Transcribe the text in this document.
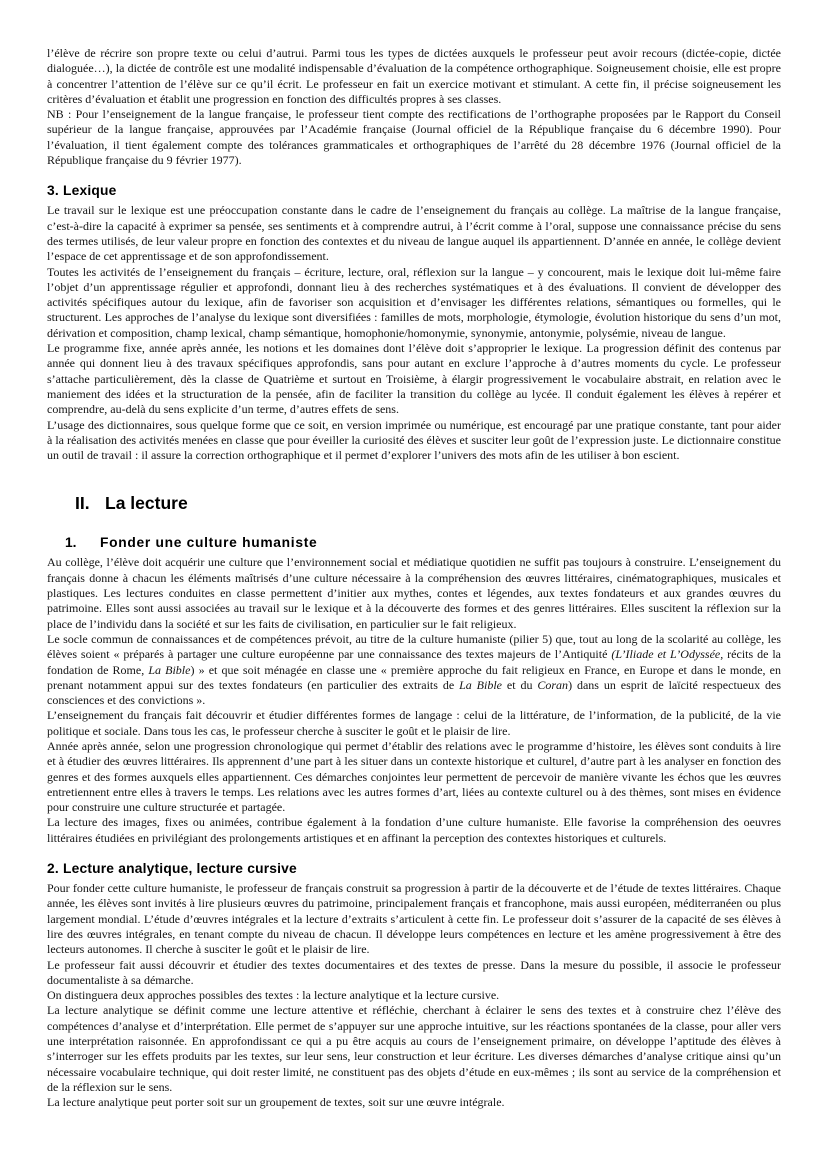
l’élève de récrire son propre texte ou celui d’autrui. Parmi tous les types de dictées auxquels le professeur peut avoir recours (dictée-copie, dictée dialoguée…), la dictée de contrôle est une modalité indispensable d’évaluation de la compétence orthographique. Soigneusement choisie, elle est propre à concentrer l’attention de l’élève sur ce qu’il écrit. Le professeur en fait un exercice motivant et stimulant. A cette fin, il précise soigneusement les critères d’évaluation et établit une progression en fonction des difficultés propres à ses classes.

NB : Pour l’enseignement de la langue française, le professeur tient compte des rectifications de l’orthographe proposées par le Rapport du Conseil supérieur de la langue française, approuvées par l’Académie française (Journal officiel de la République française du 6 décembre 1990). Pour l’évaluation, il tient également compte des tolérances grammaticales et orthographiques de l’arrêté du 28 décembre 1976 (Journal officiel de la République française du 9 février 1977).

3. Lexique

Le travail sur le lexique est une préoccupation constante dans le cadre de l’enseignement du français au collège. La maîtrise de la langue française, c’est-à-dire la capacité à exprimer sa pensée, ses sentiments et à comprendre autrui, à l’écrit comme à l’oral, suppose une connaissance précise du sens des termes utilisés, de leur valeur propre en fonction des contextes et du niveau de langue auquel ils appartiennent. D’année en année, le collège devient l’espace de cet apprentissage et de son approfondissement.

Toutes les activités de l’enseignement du français – écriture, lecture, oral, réflexion sur la langue – y concourent, mais le lexique doit lui-même faire l’objet d’un apprentissage régulier et approfondi, donnant lieu à des recherches systématiques et à des évaluations. Il convient de développer des activités spécifiques autour du lexique, afin de favoriser son acquisition et d’envisager les différentes relations, sémantiques ou formelles, qui le structurent. Les approches de l’analyse du lexique sont diversifiées : familles de mots, morphologie, étymologie, évolution historique du sens d’un mot, dérivation et composition, champ lexical, champ sémantique, homophonie/homonymie, synonymie, antonymie, polysémie, niveau de langue.

Le programme fixe, année après année, les notions et les domaines dont l’élève doit s’approprier le lexique. La progression définit des contenus par année qui donnent lieu à des travaux spécifiques approfondis, sans pour autant en exclure l’approche à d’autres moments du cycle. Le professeur s’attache particulièrement, dès la classe de Quatrième et surtout en Troisième, à élargir progressivement le vocabulaire abstrait, en relation avec le maniement des idées et la structuration de la pensée, afin de faciliter la transition du collège au lycée. Il conduit également les élèves à repérer et comprendre, au-delà du sens explicite d’un terme, d’autres effets de sens.

L’usage des dictionnaires, sous quelque forme que ce soit, en version imprimée ou numérique, est encouragé par une pratique constante, tant pour aider à la réalisation des activités menées en classe que pour éveiller la curiosité des élèves et susciter leur goût de l’expression juste. Le dictionnaire constitue un outil de travail : il assure la correction orthographique et il permet d’explorer l’univers des mots afin de les utiliser à bon escient.

II. La lecture
1. Fonder une culture humaniste

Au collège, l’élève doit acquérir une culture que l’environnement social et médiatique quotidien ne suffit pas toujours à construire. L’enseignement du français donne à chacun les éléments maîtrisés d’une culture nécessaire à la compréhension des œuvres littéraires, cinématographiques, musicales et plastiques. Les lectures conduites en classe permettent d’initier aux mythes, contes et légendes, aux textes fondateurs et aux grandes œuvres du patrimoine. Elles sont aussi associées au travail sur le lexique et à la découverte des formes et des genres littéraires. Elles suscitent la réflexion sur la place de l’individu dans la société et sur les faits de civilisation, en particulier sur le fait religieux.

Le socle commun de connaissances et de compétences prévoit, au titre de la culture humaniste (pilier 5) que, tout au long de la scolarité au collège, les élèves soient « préparés à partager une culture européenne par une connaissance des textes majeurs de l’Antiquité (L’Iliade et L’Odyssée, récits de la fondation de Rome, La Bible) » et que soit ménagée en classe une « première approche du fait religieux en France, en Europe et dans le monde, en prenant notamment appui sur des textes fondateurs (en particulier des extraits de La Bible et du Coran) dans un esprit de laïcité respectueux des consciences et des convictions ».

L’enseignement du français fait découvrir et étudier différentes formes de langage : celui de la littérature, de l’information, de la publicité, de la vie politique et sociale. Dans tous les cas, le professeur cherche à susciter le goût et le plaisir de lire.

Année après année, selon une progression chronologique qui permet d’établir des relations avec le programme d’histoire, les élèves sont conduits à lire et à étudier des œuvres littéraires. Ils apprennent d’une part à les situer dans un contexte historique et culturel, d’autre part à les analyser en fonction des genres et des formes auxquels elles appartiennent. Ces démarches conjointes leur permettent de percevoir de manière vivante les échos que les œuvres entretiennent entre elles à travers le temps. Les relations avec les autres formes d’art, liées au contexte culturel ou à des thèmes, sont mises en évidence pour construire une culture structurée et partagée.

La lecture des images, fixes ou animées, contribue également à la fondation d’une culture humaniste. Elle favorise la compréhension des oeuvres littéraires étudiées en privilégiant des prolongements artistiques et en affinant la perception des contextes historiques et culturels.

2. Lecture analytique, lecture cursive

Pour fonder cette culture humaniste, le professeur de français construit sa progression à partir de la découverte et de l’étude de textes littéraires. Chaque année, les élèves sont invités à lire plusieurs œuvres du patrimoine, principalement français et francophone, mais aussi européen, méditerranéen ou plus largement mondial. L’étude d’œuvres intégrales et la lecture d’extraits s’articulent à cette fin. Le professeur doit s’assurer de la capacité de ses élèves à lire des œuvres intégrales, en tenant compte du niveau de chacun. Il développe leurs compétences en lecture et les amène progressivement à être des lecteurs autonomes. Il cherche à susciter le goût et le plaisir de lire.

Le professeur fait aussi découvrir et étudier des textes documentaires et des textes de presse. Dans la mesure du possible, il associe le professeur documentaliste à sa démarche.

On distinguera deux approches possibles des textes : la lecture analytique et la lecture cursive.

La lecture analytique se définit comme une lecture attentive et réfléchie, cherchant à éclairer le sens des textes et à construire chez l’élève des compétences d’analyse et d’interprétation. Elle permet de s’appuyer sur une approche intuitive, sur les réactions spontanées de la classe, pour aller vers une interprétation raisonnée. En approfondissant ce qui a pu être acquis au cours de l’enseignement primaire, on développe l’aptitude des élèves à s’interroger sur les effets produits par les textes, sur leur sens, leur construction et leur écriture. Les diverses démarches d’analyse critique ainsi qu’un nécessaire vocabulaire technique, qui doit rester limité, ne constituent pas des objets d’étude en eux-mêmes ; ils sont au service de la compréhension et de la réflexion sur le sens.

La lecture analytique peut porter soit sur un groupement de textes, soit sur une œuvre intégrale.
